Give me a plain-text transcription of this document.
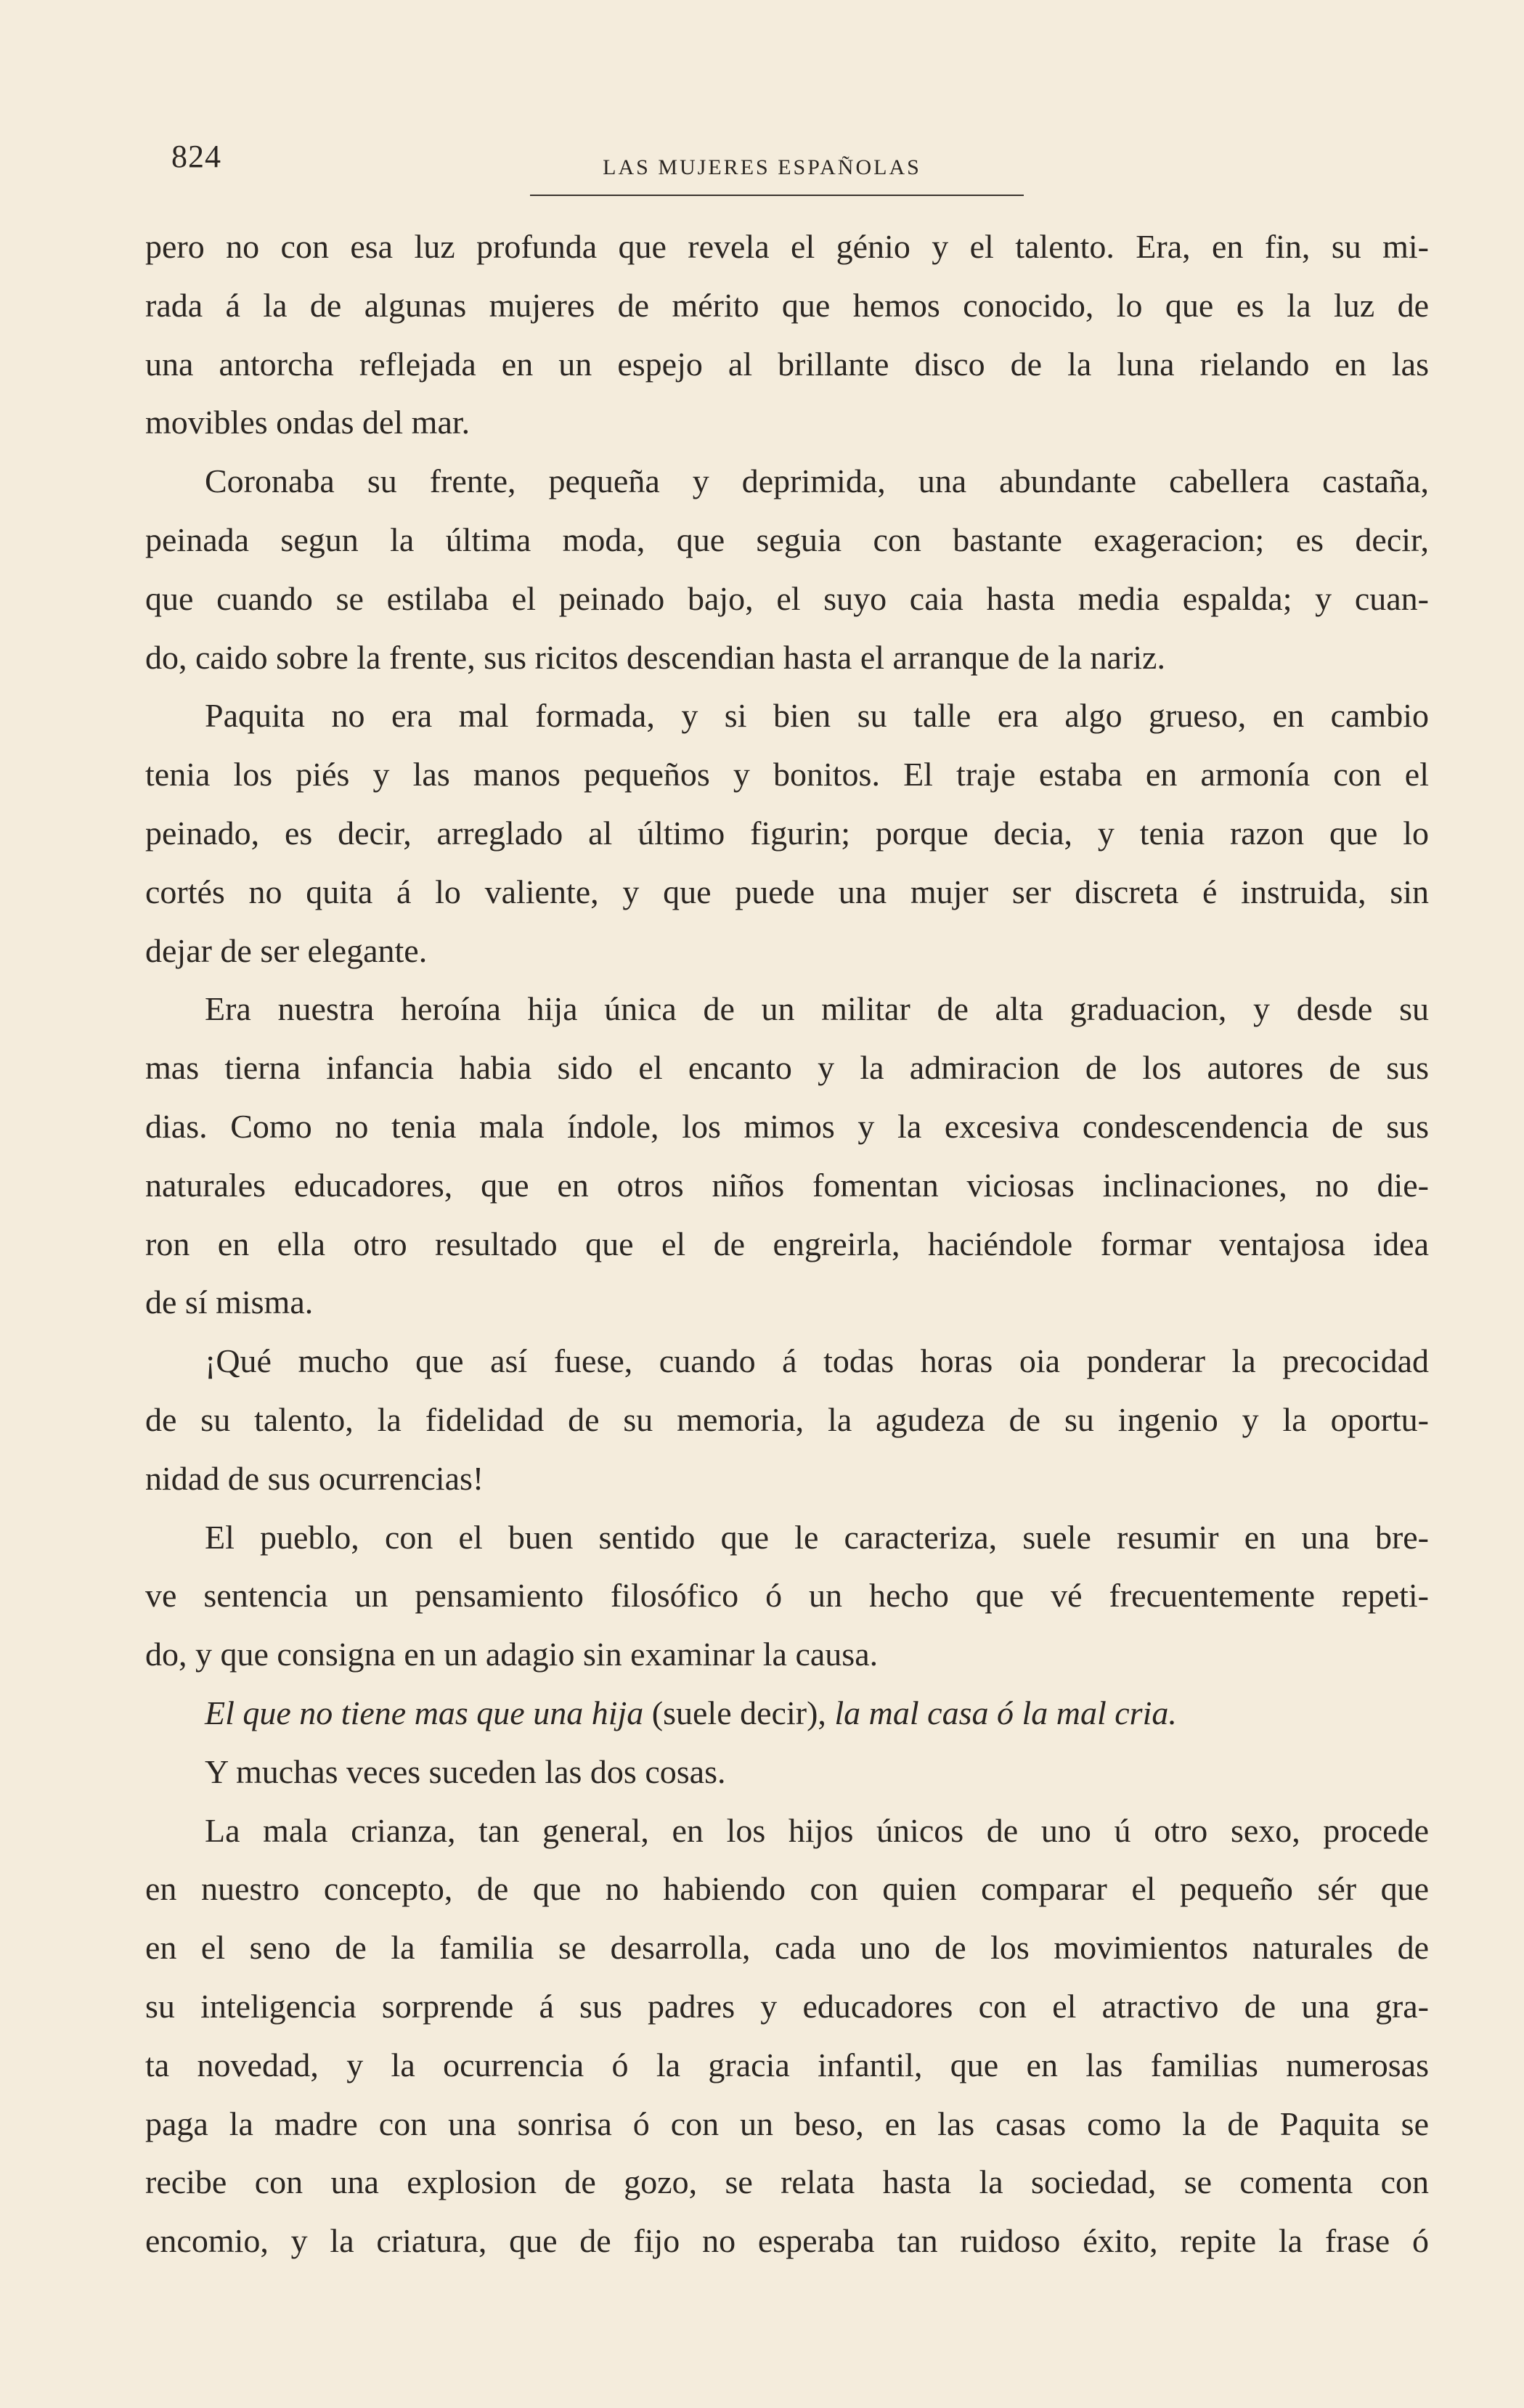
824	LAS MUJERES ESPAÑOLAS
pero no con esa luz profunda que revela el génio y el talento. Era, en fin, su mi-
rada á la de algunas mujeres de mérito que hemos conocido, lo que es la luz de
una antorcha reflejada en un espejo al brillante disco de la luna rielando en las
movibles ondas del mar.
Coronaba su frente, pequeña y deprimida, una abundante cabellera castaña,
peinada segun la última moda, que seguia con bastante exageracion; es decir,
que cuando se estilaba el peinado bajo, el suyo caia hasta media espalda; y cuan-
do, caido sobre la frente, sus ricitos descendian hasta el arranque de la nariz.
Paquita no era mal formada, y si bien su talle era algo grueso, en cambio
tenia los piés y las manos pequeños y bonitos. El traje estaba en armonía con el
peinado, es decir, arreglado al último figurin; porque decia, y tenia razon que lo
cortés no quita á lo valiente, y que puede una mujer ser discreta é instruida, sin
dejar de ser elegante.
Era nuestra heroína hija única de un militar de alta graduacion, y desde su
mas tierna infancia habia sido el encanto y la admiracion de los autores de sus
dias. Como no tenia mala índole, los mimos y la excesiva condescendencia de sus
naturales educadores, que en otros niños fomentan viciosas inclinaciones, no die-
ron en ella otro resultado que el de engreirla, haciéndole formar ventajosa idea
de sí misma.
¡Qué mucho que así fuese, cuando á todas horas oia ponderar la precocidad
de su talento, la fidelidad de su memoria, la agudeza de su ingenio y la oportu-
nidad de sus ocurrencias!
El pueblo, con el buen sentido que le caracteriza, suele resumir en una bre-
ve sentencia un pensamiento filosófico ó un hecho que vé frecuentemente repeti-
do, y que consigna en un adagio sin examinar la causa.
El que no tiene mas que una hija (suele decir), la mal casa ó la mal cria.
Y muchas veces suceden las dos cosas.
La mala crianza, tan general, en los hijos únicos de uno ú otro sexo, procede
en nuestro concepto, de que no habiendo con quien comparar el pequeño sér que
en el seno de la familia se desarrolla, cada uno de los movimientos naturales de
su inteligencia sorprende á sus padres y educadores con el atractivo de una gra-
ta novedad, y la ocurrencia ó la gracia infantil, que en las familias numerosas
paga la madre con una sonrisa ó con un beso, en las casas como la de Paquita se
recibe con una explosion de gozo, se relata hasta la sociedad, se comenta con
encomio, y la criatura, que de fijo no esperaba tan ruidoso éxito, repite la frase ó
